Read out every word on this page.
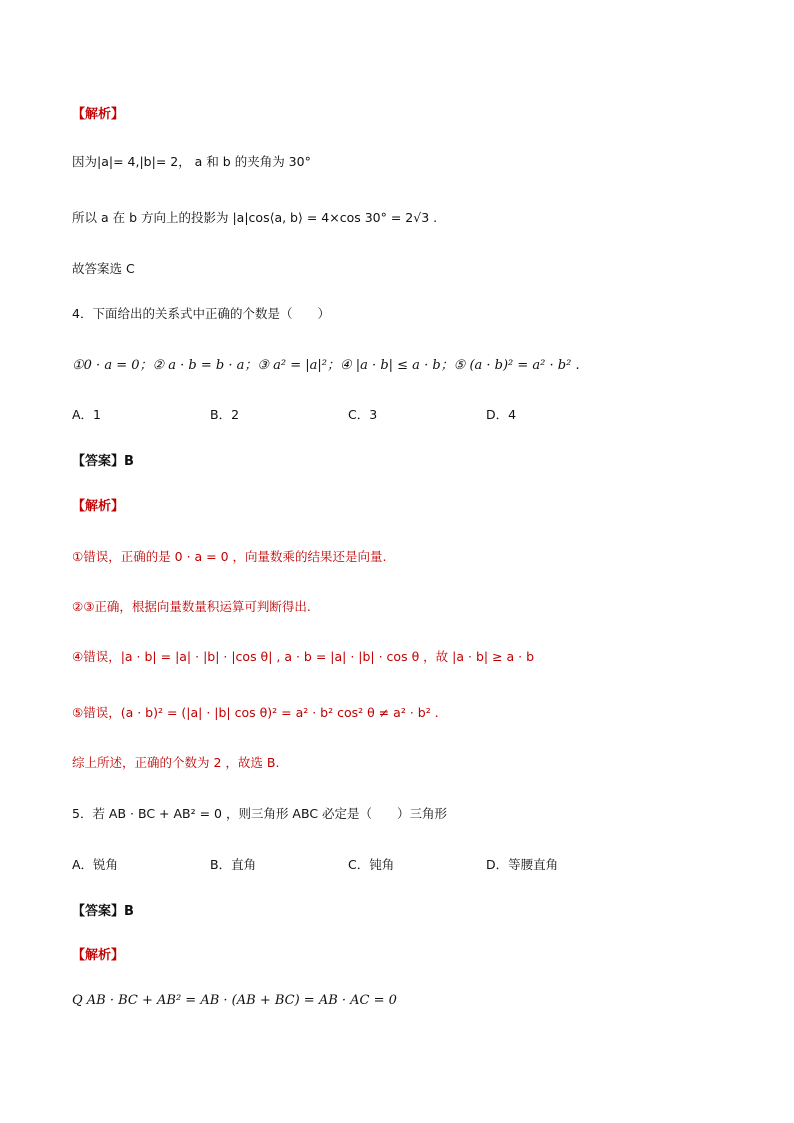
【解析】
因为|a|= 4,|b|= 2， a 和 b 的夹角为 30°
所以 a 在 b 方向上的投影为 |a|cos⟨a, b⟩ = 4×cos 30° = 2√3 .
故答案选 C
4．下面给出的关系式中正确的个数是（　　）
①0 · a = 0；② a · b = b · a；③ a² = |a|²；④ |a · b| ≤ a · b；⑤ (a · b)² = a² · b² .
A．1	B．2	C．3	D．4
【答案】B
【解析】
①错误，正确的是 0 · a = 0 ，向量数乘的结果还是向量.
②③正确，根据向量数量积运算可判断得出.
④错误，|a · b| = |a| · |b| · |cos θ| , a · b = |a| · |b| · cos θ ，故 |a · b| ≥ a · b
⑤错误，(a · b)² = (|a| · |b| cos θ)² = a² · b² cos² θ ≠ a² · b² .
综上所述，正确的个数为 2 ，故选 B.
5．若 AB · BC + AB² = 0 ，则三角形 ABC 必定是（　　）三角形
A．锐角	B．直角	C．钝角	D．等腰直角
【答案】B
【解析】
Q AB · BC + AB² = AB · (AB + BC) = AB · AC = 0
